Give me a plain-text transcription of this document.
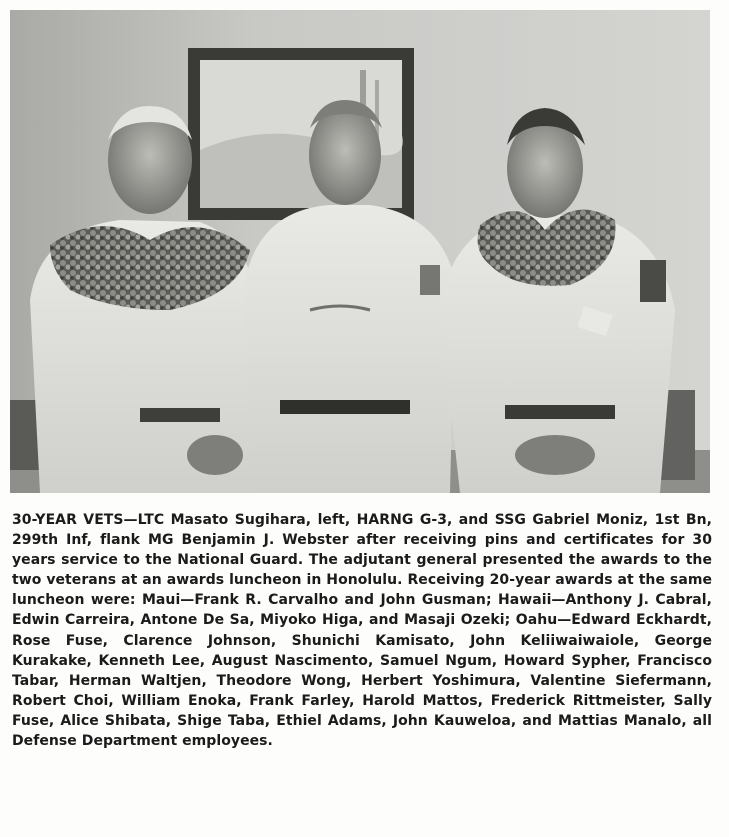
30-YEAR VETS—LTC Masato Sugihara, left, HARNG G-3, and SSG Gabriel Moniz, 1st Bn, 299th Inf, flank MG Benjamin J. Webster after receiving pins and certificates for 30 years service to the National Guard. The adjutant general presented the awards to the two veterans at an awards luncheon in Honolulu. Receiving 20-year awards at the same luncheon were: Maui—Frank R. Carvalho and John Gusman; Hawaii—Anthony J. Cabral, Edwin Carreira, Antone De Sa, Miyoko Higa, and Masaji Ozeki; Oahu—Edward Eckhardt, Rose Fuse, Clarence Johnson, Shunichi Kamisato, John Keliiwaiwaiole, George Kurakake, Kenneth Lee, August Nascimento, Samuel Ngum, Howard Sypher, Francisco Tabar, Herman Waltjen, Theodore Wong, Herbert Yoshimura, Valentine Siefermann, Robert Choi, William Enoka, Frank Farley, Harold Mattos, Frederick Rittmeister, Sally Fuse, Alice Shibata, Shige Taba, Ethiel Adams, John Kauweloa, and Mattias Manalo, all Defense Department employees.
